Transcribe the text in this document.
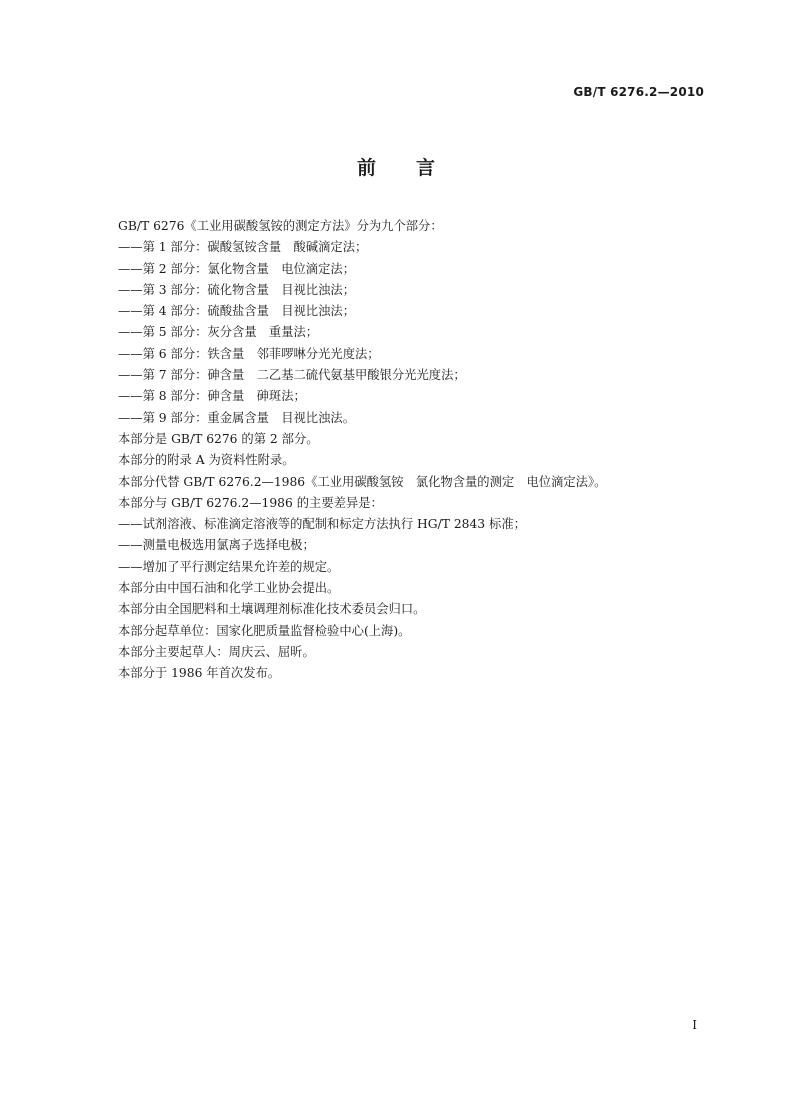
GB/T 6276.2—2010
前言
GB/T 6276《工业用碳酸氢铵的测定方法》分为九个部分：
——第 1 部分：碳酸氢铵含量　酸碱滴定法；
——第 2 部分：氯化物含量　电位滴定法；
——第 3 部分：硫化物含量　目视比浊法；
——第 4 部分：硫酸盐含量　目视比浊法；
——第 5 部分：灰分含量　重量法；
——第 6 部分：铁含量　邻菲啰啉分光光度法；
——第 7 部分：砷含量　二乙基二硫代氨基甲酸银分光光度法；
——第 8 部分：砷含量　砷斑法；
——第 9 部分：重金属含量　目视比浊法。
本部分是 GB/T 6276 的第 2 部分。
本部分的附录 A 为资料性附录。
本部分代替 GB/T 6276.2—1986《工业用碳酸氢铵　氯化物含量的测定　电位滴定法》。
本部分与 GB/T 6276.2—1986 的主要差异是：
——试剂溶液、标准滴定溶液等的配制和标定方法执行 HG/T 2843 标准；
——测量电极选用氯离子选择电极；
——增加了平行测定结果允许差的规定。
本部分由中国石油和化学工业协会提出。
本部分由全国肥料和土壤调理剂标准化技术委员会归口。
本部分起草单位：国家化肥质量监督检验中心(上海)。
本部分主要起草人：周庆云、屈昕。
本部分于 1986 年首次发布。
I
